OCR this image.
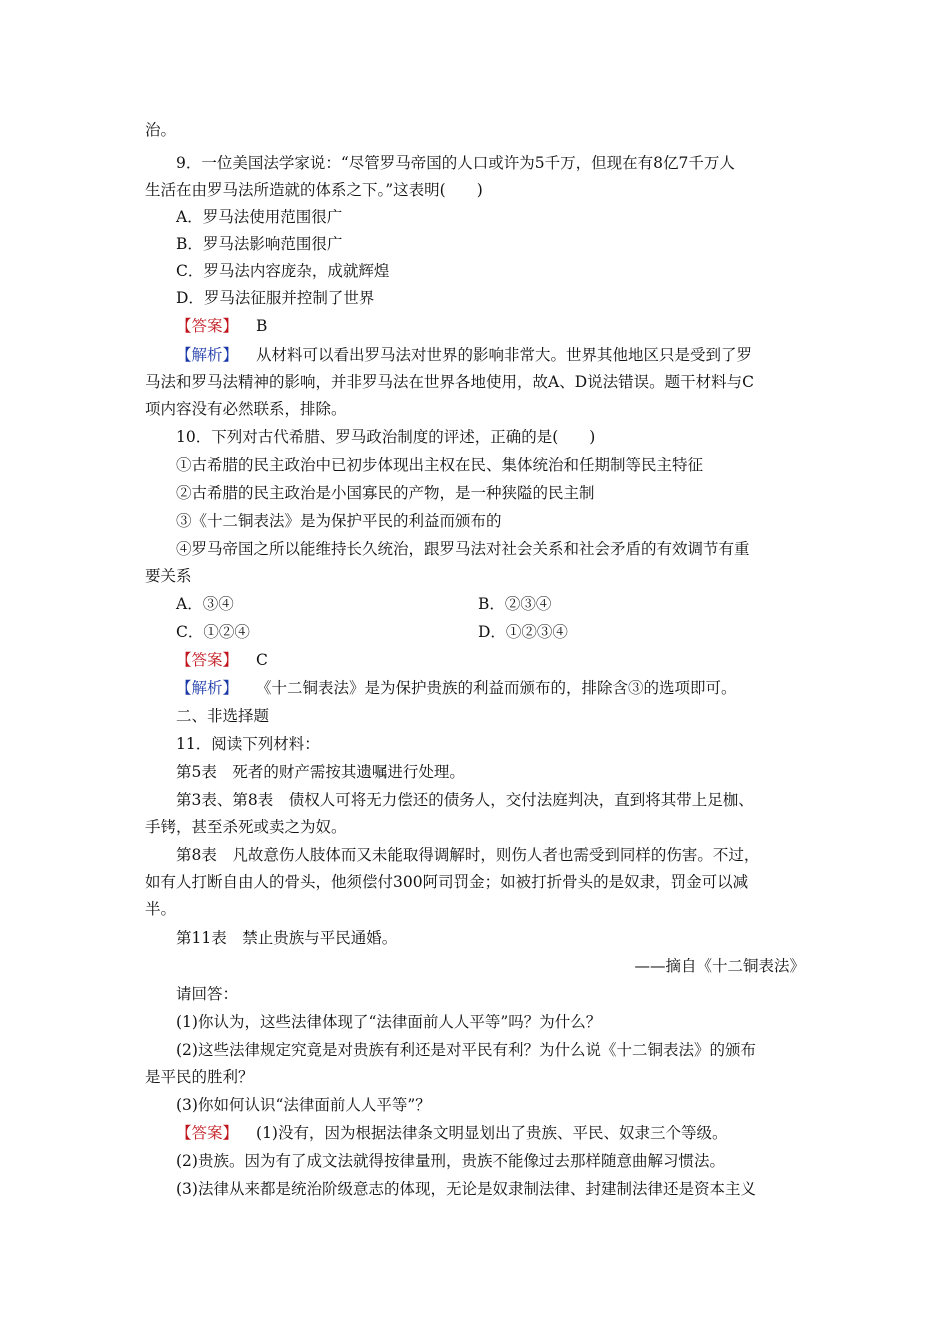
治。
9．一位美国法学家说：“尽管罗马帝国的人口或许为5千万，但现在有8亿7千万人
生活在由罗马法所造就的体系之下。”这表明(　　)
A．罗马法使用范围很广
B．罗马法影响范围很广
C．罗马法内容庞杂，成就辉煌
D．罗马法征服并控制了世界
【答案】 B
【解析】 从材料可以看出罗马法对世界的影响非常大。世界其他地区只是受到了罗
马法和罗马法精神的影响，并非罗马法在世界各地使用，故A、D说法错误。题干材料与C
项内容没有必然联系，排除。
10．下列对古代希腊、罗马政治制度的评述，正确的是(　　)
①古希腊的民主政治中已初步体现出主权在民、集体统治和任期制等民主特征
②古希腊的民主政治是小国寡民的产物，是一种狭隘的民主制
③《十二铜表法》是为保护平民的利益而颁布的
④罗马帝国之所以能维持长久统治，跟罗马法对社会关系和社会矛盾的有效调节有重
要关系
A．③④	B．②③④
C．①②④	D．①②③④
【答案】 C
【解析】 《十二铜表法》是为保护贵族的利益而颁布的，排除含③的选项即可。
二、非选择题
11．阅读下列材料：
第5表　死者的财产需按其遗嘱进行处理。
第3表、第8表　债权人可将无力偿还的债务人，交付法庭判决，直到将其带上足枷、
手铐，甚至杀死或卖之为奴。
第8表　凡故意伤人肢体而又未能取得调解时，则伤人者也需受到同样的伤害。不过，
如有人打断自由人的骨头，他须偿付300阿司罚金；如被打折骨头的是奴隶，罚金可以减
半。
第11表　禁止贵族与平民通婚。
——摘自《十二铜表法》
请回答：
(1)你认为，这些法律体现了“法律面前人人平等”吗？为什么？
(2)这些法律规定究竟是对贵族有利还是对平民有利？为什么说《十二铜表法》的颁布
是平民的胜利？
(3)你如何认识“法律面前人人平等”？
【答案】 (1)没有，因为根据法律条文明显划出了贵族、平民、奴隶三个等级。
(2)贵族。因为有了成文法就得按律量刑，贵族不能像过去那样随意曲解习惯法。
(3)法律从来都是统治阶级意志的体现，无论是奴隶制法律、封建制法律还是资本主义
